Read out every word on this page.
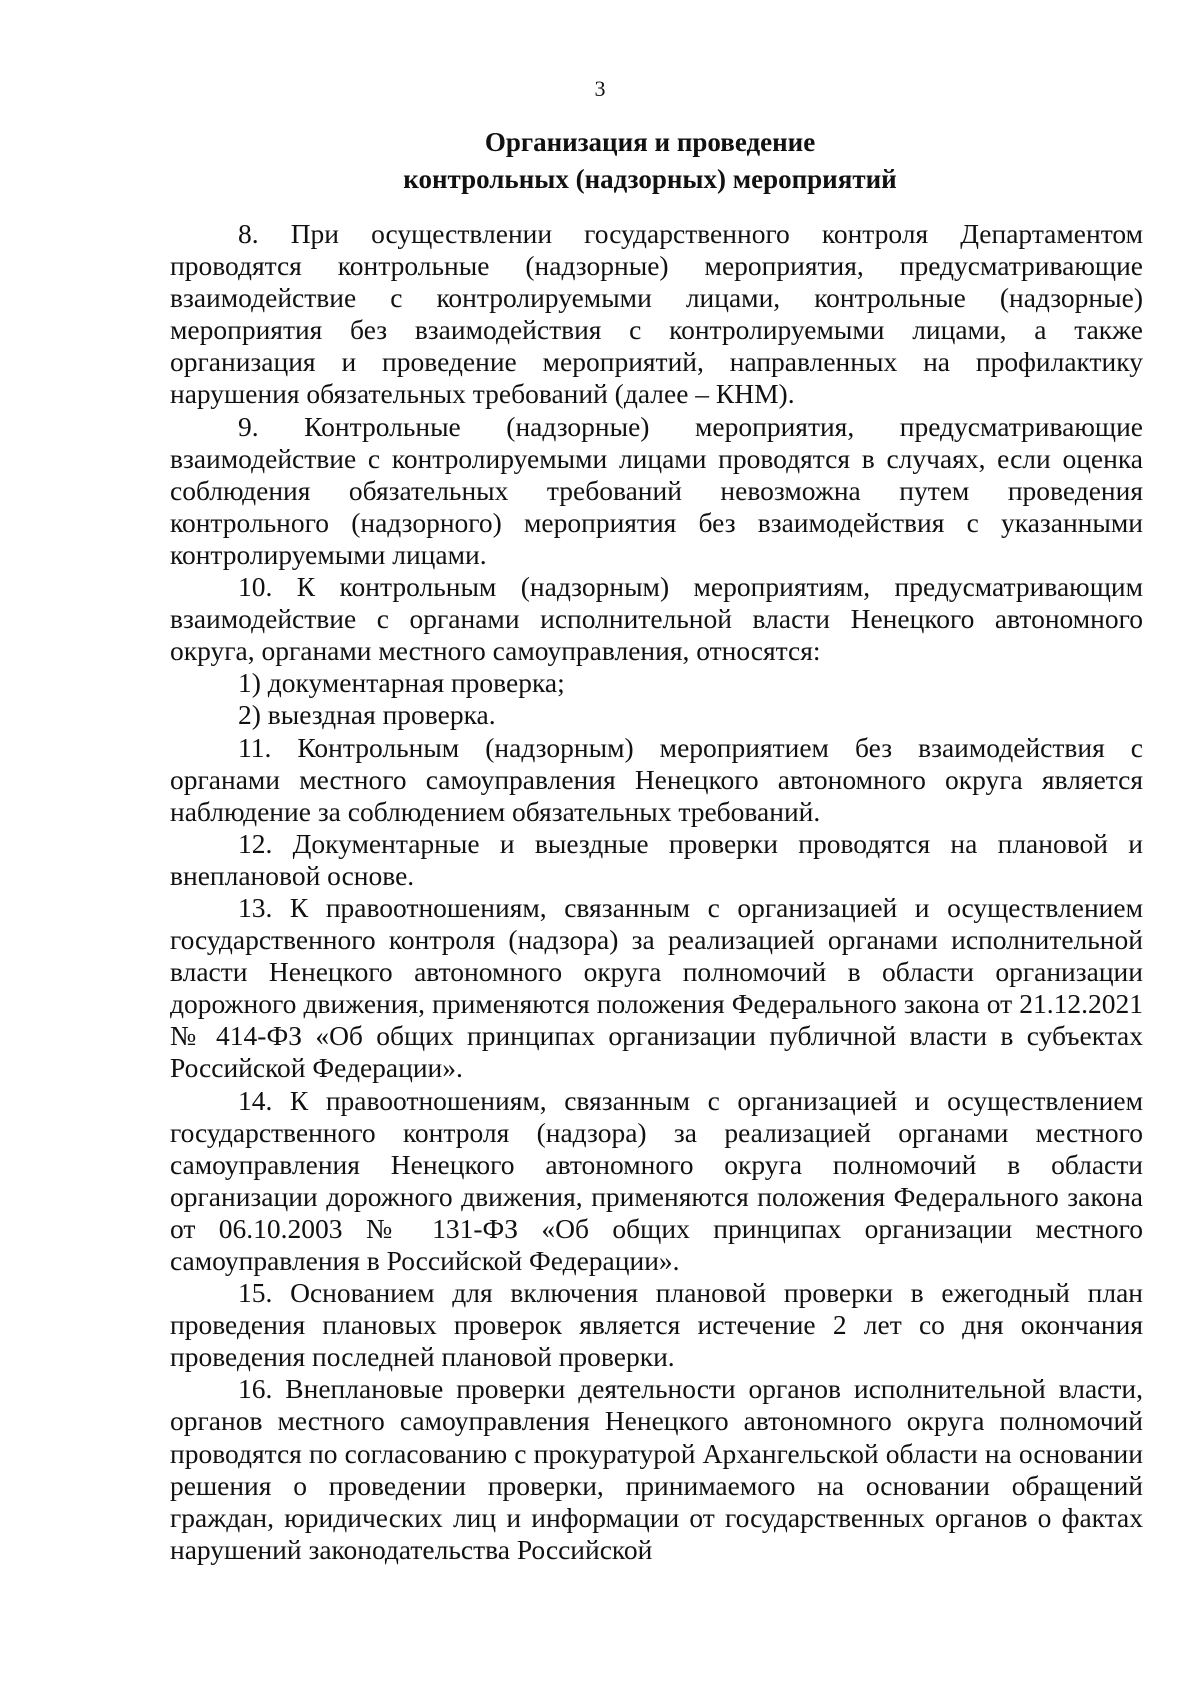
3
Организация и проведение
контрольных (надзорных) мероприятий

8. При осуществлении государственного контроля Департаментом проводятся контрольные (надзорные) мероприятия, предусматривающие взаимодействие с контролируемыми лицами, контрольные (надзорные) мероприятия без взаимодействия с контролируемыми лицами, а также организация и проведение мероприятий, направленных на профилактику нарушения обязательных требований (далее – КНМ).

9. Контрольные (надзорные) мероприятия, предусматривающие взаимодействие с контролируемыми лицами проводятся в случаях, если оценка соблюдения обязательных требований невозможна путем проведения контрольного (надзорного) мероприятия без взаимодействия с указанными контролируемыми лицами.

10. К контрольным (надзорным) мероприятиям, предусматривающим взаимодействие с органами исполнительной власти Ненецкого автономного округа, органами местного самоуправления, относятся:

1) документарная проверка;

2) выездная проверка.

11. Контрольным (надзорным) мероприятием без взаимодействия с органами местного самоуправления Ненецкого автономного округа является наблюдение за соблюдением обязательных требований.

12. Документарные и выездные проверки проводятся на плановой и внеплановой основе.

13. К правоотношениям, связанным с организацией и осуществлением государственного контроля (надзора) за реализацией органами исполнительной власти Ненецкого автономного округа полномочий в области организации дорожного движения, применяются положения Федерального закона от 21.12.2021 № 414-ФЗ «Об общих принципах организации публичной власти в субъектах Российской Федерации».

14. К правоотношениям, связанным с организацией и осуществлением государственного контроля (надзора) за реализацией органами местного самоуправления Ненецкого автономного округа полномочий в области организации дорожного движения, применяются положения Федерального закона от 06.10.2003 № 131-ФЗ «Об общих принципах организации местного самоуправления в Российской Федерации».

15. Основанием для включения плановой проверки в ежегодный план проведения плановых проверок является истечение 2 лет со дня окончания проведения последней плановой проверки.

16. Внеплановые проверки деятельности органов исполнительной власти, органов местного самоуправления Ненецкого автономного округа полномочий проводятся по согласованию с прокуратурой Архангельской области на основании решения о проведении проверки, принимаемого на основании обращений граждан, юридических лиц и информации от государственных органов о фактах нарушений законодательства Российской
